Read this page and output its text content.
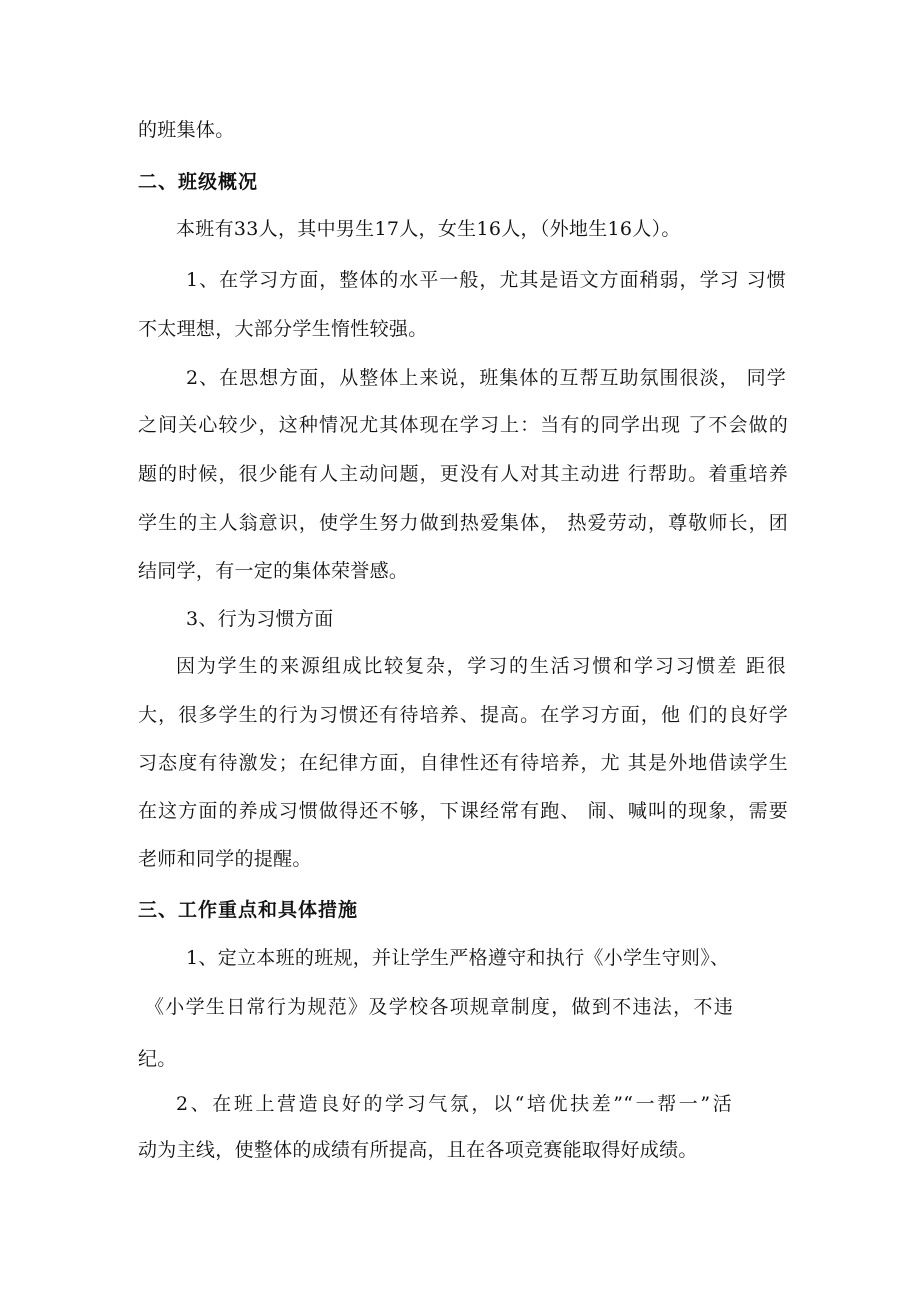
的班集体。
二、班级概况
本班有33人，其中男生17人，女生16人，（外地生16人）。
1、在学习方面，整体的水平一般，尤其是语文方面稍弱，学习 习惯
不太理想，大部分学生惰性较强。
2、在思想方面，从整体上来说，班集体的互帮互助氛围很淡， 同学
之间关心较少，这种情况尤其体现在学习上：当有的同学出现 了不会做的
题的时候，很少能有人主动问题，更没有人对其主动进 行帮助。着重培养
学生的主人翁意识，使学生努力做到热爱集体， 热爱劳动，尊敬师长，团
结同学，有一定的集体荣誉感。
3、行为习惯方面
因为学生的来源组成比较复杂，学习的生活习惯和学习习惯差 距很
大，很多学生的行为习惯还有待培养、提高。在学习方面，他 们的良好学
习态度有待激发；在纪律方面，自律性还有待培养，尤 其是外地借读学生
在这方面的养成习惯做得还不够，下课经常有跑、 闹、喊叫的现象，需要
老师和同学的提醒。
三、工作重点和具体措施
1、定立本班的班规，并让学生严格遵守和执行《小学生守则》、
《小学生日常行为规范》及学校各项规章制度，做到不违法，不违
纪。
2、在班上营造良好的学习气氛，以“培优扶差”“一帮一”活
动为主线，使整体的成绩有所提高，且在各项竞赛能取得好成绩。
